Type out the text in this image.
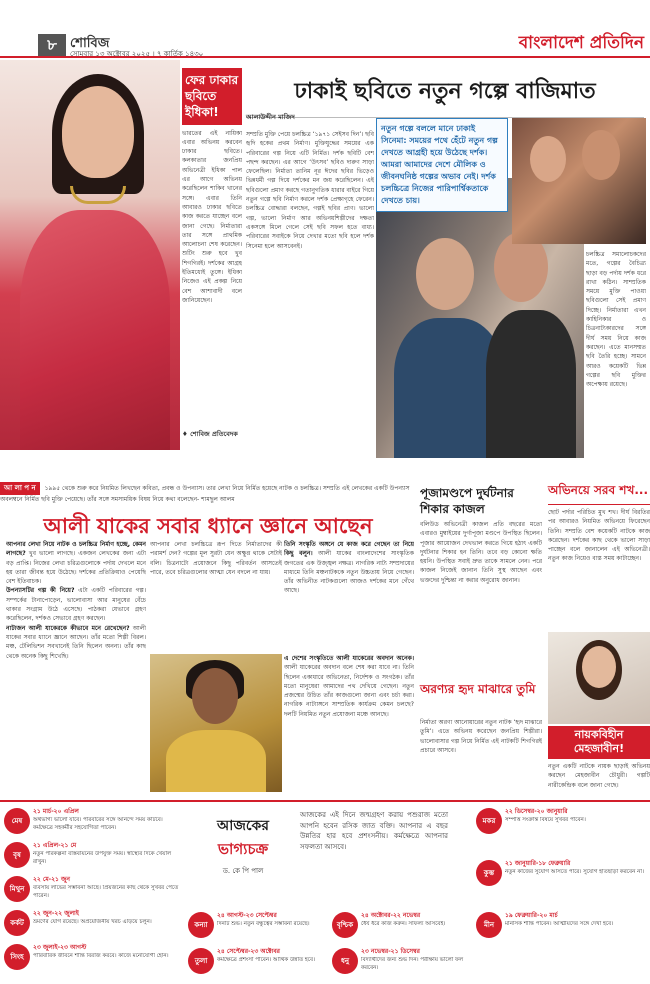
৮	শোবিজ
সোমবার ১৩ অক্টোবর ২০২৫ । ৭ কার্তিক ১৪৩০
বাংলাদেশ প্রতিদিন
ফের ঢাকার ছবিতে ইধিকা!
ভারতের এই নায়িকা এবার অভিনয় করবেন ঢাকার ছবিতে। কলকাতার জনপ্রিয় অভিনেত্রী ইধিকা পাল এর আগে অভিনয় করেছিলেন শাকিব খানের সঙ্গে। এবার তিনি আবারও ঢাকার ছবিতে কাজ করতে যাচ্ছেন বলে জানা গেছে। নির্মাতারা তার সঙ্গে প্রাথমিক আলোচনা শেষ করেছেন। শুটিং শুরু হবে খুব শিগগিরই। দর্শকের আগ্রহ ইতিমধ্যেই তুঙ্গে। ইধিকা নিজেও এই প্রকল্প নিয়ে বেশ আশাবাদী বলে জানিয়েছেন।
♦ শোবিজ প্রতিবেদক
ঢাকাই ছবিতে নতুন গল্পে বাজিমাত
আলাউদ্দীন মাজিদ
সম্প্রতি মুক্তি পেয়ে চলচ্চিত্র ‘১৯৭১ সেইসব দিন’। ছবি হৃদি হকের প্রথম নির্মাণ। মুক্তিযুদ্ধের সময়ের এক পরিবারের গল্প নিয়ে এটি নির্মিত। দর্শক ছবিটি বেশ পছন্দ করছেন। এর আগে ‘উৎসব’ ছবিও দারুণ সাড়া ফেলেছিল। নির্মাতা তানিম নূর ঈদের ছবির ভিড়েও ভিন্নধর্মী গল্প দিয়ে দর্শকের মন জয় করেছিলেন। এই ছবিগুলো প্রমাণ করছে গতানুগতিক ধারার বাইরে গিয়ে নতুন গল্পে ছবি নির্মাণ করলে দর্শক প্রেক্ষাগৃহে ফেরেন। চলচ্চিত্র বোদ্ধারা বলছেন, গল্পই ছবির প্রাণ। ভালো গল্প, ভালো নির্মাণ আর অভিনয়শিল্পীদের দক্ষতা একসঙ্গে মিলে গেলে সেই ছবি সফল হতে বাধ্য। পরিবারের সবাইকে নিয়ে দেখার মতো ছবি হলে দর্শক সিনেমা হলে আসবেনই।
নতুন গল্পে বললে মানে ঢাকাই সিনেমা: সময়ের পথে হেঁটে নতুন গল্প দেখতে আগ্রহী হয়ে উঠেছে দর্শক। আমরা আমাদের দেশে মৌলিক ও জীবনঘনিষ্ঠ গল্পের অভাব নেই। দর্শক চলচ্চিত্রে নিজের পারিপার্শ্বিকতাকে দেখতে চায়।
চলচ্চিত্র সমালোচকদের মতে, গল্পের বৈচিত্র্য ছাড়া বড় পর্দায় দর্শক ধরে রাখা কঠিন। সাম্প্রতিক সময়ে মুক্তি পাওয়া ছবিগুলো সেই প্রমাণ দিচ্ছে। নির্মাতারা এখন কাহিনিকার ও চিত্রনাট্যকারদের সঙ্গে দীর্ঘ সময় নিয়ে কাজ করছেন। এতে মানসম্মত ছবি তৈরি হচ্ছে। সামনে আরও কয়েকটি ভিন্ন গল্পের ছবি মুক্তির অপেক্ষায় রয়েছে।
আ লা প ন ১৯৯৫ থেকে শুরু করে নিয়মিত লিখছেন কবিতা, প্রবন্ধ ও উপন্যাস। তার লেখা নিয়ে নির্মিত হয়েছে নাটক ও চলচ্চিত্র। সম্প্রতি এই লেখকের একটি উপন্যাস অবলম্বনে নির্মিত ছবি মুক্তি পেয়েছে। তাঁর সঙ্গে সমসাময়িক বিষয় নিয়ে কথা বলেছেন- শামছুল আলম
আলী যাকের সবার ধ্যানে জ্ঞানে আছেন
আপনার লেখা নিয়ে নাটক ও চলচ্চিত্র নির্মাণ হচ্ছে, কেমন লাগছে? খুব ভালো লাগছে। একজন লেখকের জন্য এটা বড় প্রাপ্তি। নিজের লেখা চরিত্রগুলোকে পর্দায় দেখলে মনে হয় তারা জীবন্ত হয়ে উঠেছে। দর্শকের প্রতিক্রিয়াও পেয়েছি বেশ ইতিবাচক।
উপন্যাসটির গল্প কী নিয়ে? এটা একটি পরিবারের গল্প। সম্পর্কের টানাপোড়েন, ভালোবাসা আর মানুষের বেঁচে থাকার সংগ্রাম উঠে এসেছে। পাঠকরা যেভাবে গ্রহণ করেছিলেন, দর্শকও সেভাবে গ্রহণ করছেন।
নাট্যজন আলী যাকেরকে কীভাবে মনে রেখেছেন? আলী যাকের সবার ধ্যানে জ্ঞানে আছেন। তাঁর মতো শিল্পী বিরল। মঞ্চ, টেলিভিশন সবখানেই তিনি ছিলেন অনন্য। তাঁর কাছ থেকে অনেক কিছু শিখেছি।
আপনার লেখা চলচ্চিত্রে রূপ দিতে নির্মাতাদের কী পরামর্শ দেন? গল্পের মূল সুরটা যেন অক্ষুণ্ণ থাকে সেটাই বলি। চিত্রনাট্যে প্রয়োজনে কিছু পরিবর্তন আসতেই পারে, তবে চরিত্রগুলোর আত্মা যেন বদলে না যায়।
তিনি সংস্কৃতি অঙ্গনে যে কাজ করে গেছেন তা নিয়ে কিছু বলুন। আলী যাকের বাংলাদেশের সাংস্কৃতিক জগতের এক উজ্জ্বল নক্ষত্র। নাগরিক নাট্য সম্প্রদায়ের মাধ্যমে তিনি মঞ্চনাটককে নতুন উচ্চতায় নিয়ে গেছেন। তাঁর অভিনীত নাটকগুলো আজও দর্শকের মনে গেঁথে আছে।
এ দেশের সংস্কৃতিতে আলী যাকেরের অবদান অনেক। আলী যাকেরের অবদান বলে শেষ করা যাবে না। তিনি ছিলেন একাধারে অভিনেতা, নির্দেশক ও সংগঠক। তাঁর মতো মানুষেরা আমাদের পথ দেখিয়ে গেছেন। নতুন প্রজন্মের উচিত তাঁর কাজগুলো জানা এবং চর্চা করা। নাগরিক নাট্যাঙ্গনে সাম্প্রতিক কার্যক্রম কেমন চলছে? দলটি নিয়মিত নতুন প্রযোজনা মঞ্চে আনছে।
পূজামণ্ডপে দুর্ঘটনার শিকার কাজল
বলিউড অভিনেত্রী কাজল প্রতি বছরের মতো এবারও মুম্বাইয়ের দুর্গাপূজা মণ্ডপে উপস্থিত ছিলেন। পূজার আয়োজন দেখভাল করতে গিয়ে হঠাৎ একটি দুর্ঘটনার শিকার হন তিনি। তবে বড় কোনো ক্ষতি হয়নি। উপস্থিত সবাই দ্রুত তাকে সামলে নেন। পরে কাজল নিজেই জানান তিনি সুস্থ আছেন এবং ভক্তদের দুশ্চিন্তা না করার অনুরোধ জানান।
অভিনয়ে সরব শখ...
ছোট পর্দার পরিচিত মুখ শখ। দীর্ঘ বিরতির পর আবারও নিয়মিত অভিনয়ে ফিরেছেন তিনি। সম্প্রতি বেশ কয়েকটি নাটকে কাজ করেছেন। দর্শকের কাছ থেকে ভালো সাড়া পাচ্ছেন বলে জানালেন এই অভিনেত্রী। নতুন কাজ নিয়েও ব্যস্ত সময় কাটাচ্ছেন।
নায়কবিহীন মেহজাবীন!
নতুন একটি নাটকে নায়ক ছাড়াই অভিনয় করছেন মেহজাবীন চৌধুরী। গল্পটি নারীকেন্দ্রিক বলে জানা গেছে।
অরণ্যর হৃদ মাঝারে তুমি
নির্মাতা অরণ্য আনোয়ারের নতুন নাটক ‘হৃদ মাঝারে তুমি’। এতে অভিনয় করেছেন জনপ্রিয় শিল্পীরা। ভালোবাসার গল্প নিয়ে নির্মিত এই নাটকটি শিগগিরই প্রচারে আসবে।
আজকের
ভাগ্যচক্র
ড. কে পি পাল
আজকের এই দিনে জন্মগ্রহণ করায় পশুরাজ মতো আপনি হবেন রসিক জাত বক্তি। আপনার এ বছর উন্নতির হার হবে প্রশংসনীয়। কর্মক্ষেত্রে আপনার সফলতা আসবে।
মেষ
২১ মার্চ-২০ এপ্রিল
অর্থভাগ্য ভালো যাবে। পরিবারের সঙ্গে আনন্দে সময় কাটবে। কর্মক্ষেত্রে সহকর্মীর সহযোগিতা পাবেন।
বৃষ
২১ এপ্রিল-২১ মে
নতুন পরিকল্পনা বাস্তবায়নের উপযুক্ত সময়। স্বাস্থ্যের দিকে খেয়াল রাখুন।
মিথুন
২২ মে-২১ জুন
ব্যবসায় লাভের সম্ভাবনা আছে। প্রিয়জনের কাছ থেকে সুখবর পেতে পারেন।
কর্কট
২২ জুন-২২ জুলাই
ভ্রমণের যোগ রয়েছে। অপ্রয়োজনীয় খরচ এড়িয়ে চলুন।
সিংহ
২৩ জুলাই-২৩ আগস্ট
পারিবারিক জীবনে শান্তি বিরাজ করবে। কাজে মনোযোগী হোন।
কন্যা
২৪ আগস্ট-২৩ সেপ্টেম্বর
দিনটি শুভ। নতুন বন্ধুত্বের সম্ভাবনা রয়েছে।
তুলা
২৪ সেপ্টেম্বর-২৩ অক্টোবর
কর্মক্ষেত্রে প্রশংসা পাবেন। আর্থিক উন্নতি হবে।
বৃশ্চিক
২৪ অক্টোবর-২২ নভেম্বর
ধৈর্য ধরে কাজ করুন। সাফল্য আসবেই।
ধনু
২৩ নভেম্বর-২১ ডিসেম্বর
বিদ্যার্থীদের জন্য শুভ দিন। পরীক্ষায় ভালো ফল করবেন।
মকর
২২ ডিসেম্বর-২০ জানুয়ারি
সম্পত্তি সংক্রান্ত বিষয়ে সুখবর পাবেন।
কুম্ভ
২১ জানুয়ারি-১৮ ফেব্রুয়ারি
নতুন কাজের সুযোগ আসতে পারে। সুযোগ হাতছাড়া করবেন না।
মীন
১৯ ফেব্রুয়ারি-২০ মার্চ
মানসিক শান্তি পাবেন। আত্মীয়দের সঙ্গে দেখা হবে।
